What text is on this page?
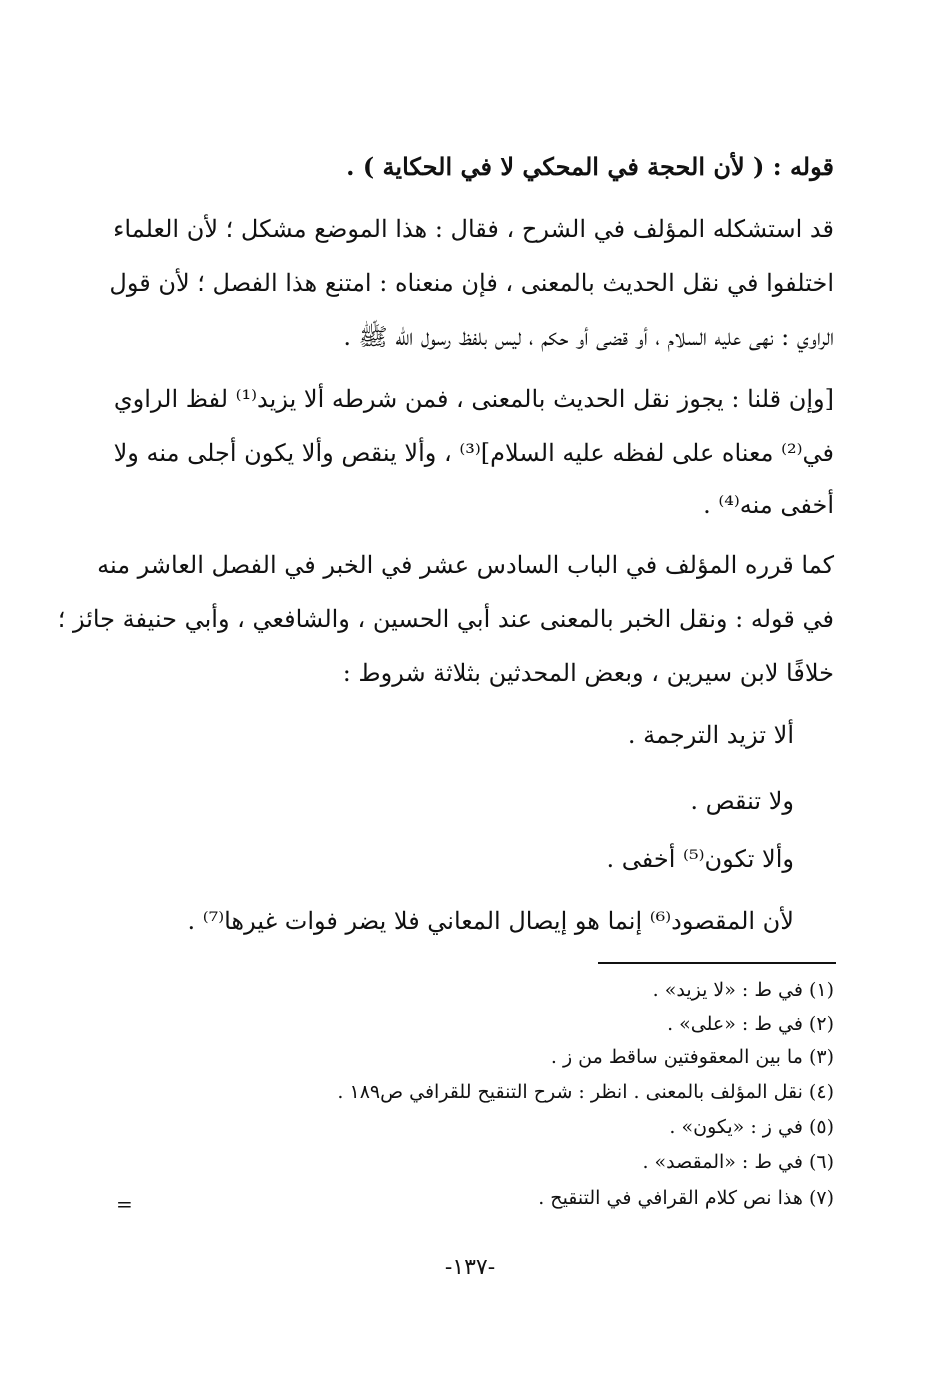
قوله : ( لأن الحجة في المحكي لا في الحكاية ) .
قد استشكله المؤلف في الشرح ، فقال : هذا الموضع مشكل ؛ لأن العلماء
اختلفوا في نقل الحديث بالمعنى ، فإن منعناه : امتنع هذا الفصل ؛ لأن قول
الراوي : نهى عليه السلام ، أو قضى أو حكم ، ليس بلفظ رسول الله ﷺ .
[وإن قلنا : يجوز نقل الحديث بالمعنى ، فمن شرطه ألا يزيد⁽¹⁾ لفظ الراوي
في⁽²⁾ معناه على لفظه عليه السلام]⁽³⁾ ، وألا ينقص وألا يكون أجلى منه ولا
أخفى منه⁽⁴⁾ .
كما قرره المؤلف في الباب السادس عشر في الخبر في الفصل العاشر منه
في قوله : ونقل الخبر بالمعنى عند أبي الحسين ، والشافعي ، وأبي حنيفة جائز ؛
خلافًا لابن سيرين ، وبعض المحدثين بثلاثة شروط :
ألا تزيد الترجمة .
ولا تنقص .
وألا تكون⁽⁵⁾ أخفى .
لأن المقصود⁽⁶⁾ إنما هو إيصال المعاني فلا يضر فوات غيرها⁽⁷⁾ .
(١) في ط : «لا يزيد» .
(٢) في ط : «على» .
(٣) ما بين المعقوفتين ساقط من ز .
(٤) نقل المؤلف بالمعنى . انظر : شرح التنقيح للقرافي ص١٨٩ .
(٥) في ز : «يكون» .
(٦) في ط : «المقصد» .
(٧) هذا نص كلام القرافي في التنقيح .
=
-١٣٧-
